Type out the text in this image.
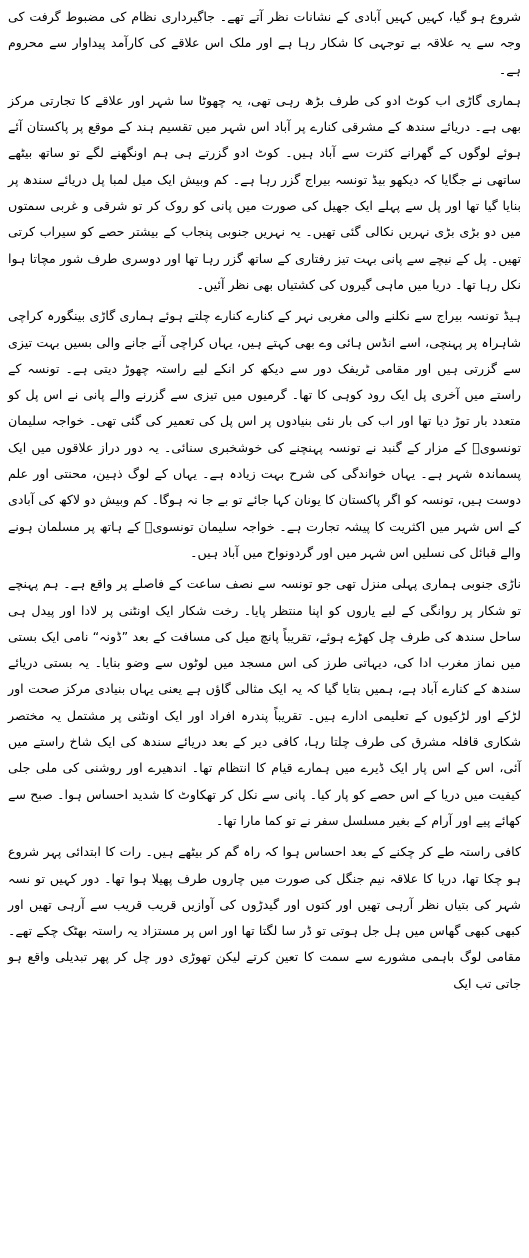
شروع ہو گیا، کہیں کہیں آبادی کے نشانات نظر آتے تھے۔ جاگیرداری نظام کی مضبوط گرفت کی وجہ سے یہ علاقہ بے توجہی کا شکار رہا ہے اور ملک اس علاقے کی کارآمد پیداوار سے محروم ہے۔

ہماری گاڑی اب کوٹ ادو کی طرف بڑھ رہی تھی، یہ چھوٹا سا شہر اور علاقے کا تجارتی مرکز بھی ہے۔ دریائے سندھ کے مشرقی کنارے پر آباد اس شہر میں تقسیم ہند کے موقع پر پاکستان آئے ہوئے لوگوں کے گھرانے کثرت سے آباد ہیں۔ کوٹ ادو گزرتے ہی ہم اونگھنے لگے تو ساتھ بیٹھے ساتھی نے جگایا کہ دیکھو بیڈ تونسہ بیراج گزر رہا ہے۔ کم وبیش ایک میل لمبا پل دریائے سندھ پر بنایا گیا تھا اور پل سے پہلے ایک جھیل کی صورت میں پانی کو روک کر تو شرقی و غربی سمتوں میں دو بڑی بڑی نہریں نکالی گئی تھیں۔ یہ نہریں جنوبی پنجاب کے بیشتر حصے کو سیراب کرتی تھیں۔ پل کے نیچے سے پانی بہت تیز رفتاری کے ساتھ گزر رہا تھا اور دوسری طرف شور مچاتا ہوا نکل رہا تھا۔ دریا میں ماہی گیروں کی کشتیاں بھی نظر آئیں۔

ہیڈ تونسہ بیراج سے نکلنے والی مغربی نہر کے کنارے کنارے چلتے ہوئے ہماری گاڑی بینگورہ کراچی شاہراہ پر پہنچی، اسے انڈس ہائی وے بھی کہتے ہیں، یہاں کراچی آنے جانے والی بسیں بہت تیزی سے گزرتی ہیں اور مقامی ٹریفک دور سے دیکھ کر انکے لیے راستہ چھوڑ دیتی ہے۔ تونسہ کے راستے میں آخری پل ایک رود کوہی کا تھا۔ گرمیوں میں تیزی سے گزرنے والے پانی نے اس پل کو متعدد بار توڑ دیا تھا اور اب کی بار نئی بنیادوں پر اس پل کی تعمیر کی گئی تھی۔ خواجہ سلیمان تونسویؒ کے مزار کے گنبد نے تونسہ پہنچنے کی خوشخبری سنائی۔ یہ دور دراز علاقوں میں ایک پسماندہ شہر ہے۔ یہاں خواندگی کی شرح بہت زیادہ ہے۔ یہاں کے لوگ ذہین، محنتی اور علم دوست ہیں، تونسہ کو اگر پاکستان کا یونان کہا جائے تو بے جا نہ ہوگا۔ کم وبیش دو لاکھ کی آبادی کے اس شہر میں اکثریت کا پیشہ تجارت ہے۔ خواجہ سلیمان تونسویؒ کے ہاتھ پر مسلمان ہونے والے قبائل کی نسلیں اس شہر میں اور گردونواح میں آباد ہیں۔

ناڑی جنوبی ہماری پہلی منزل تھی جو تونسہ سے نصف ساعت کے فاصلے پر واقع ہے۔ ہم پہنچے تو شکار پر روانگی کے لیے یاروں کو اپنا منتظر پایا۔ رخت شکار ایک اونٹنی پر لادا اور پیدل ہی ساحل سندھ کی طرف چل کھڑے ہوئے، تقریباً پانچ میل کی مسافت کے بعد ”ڈونہ“ نامی ایک بستی میں نماز مغرب ادا کی، دیہاتی طرز کی اس مسجد میں لوٹوں سے وضو بنایا۔ یہ بستی دریائے سندھ کے کنارے آباد ہے، ہمیں بتایا گیا کہ یہ ایک مثالی گاؤں ہے یعنی یہاں بنیادی مرکز صحت اور لڑکے اور لڑکیوں کے تعلیمی ادارے ہیں۔ تقریباً پندرہ افراد اور ایک اونٹنی پر مشتمل یہ مختصر شکاری قافلہ مشرق کی طرف چلتا رہا، کافی دیر کے بعد دریائے سندھ کی ایک شاخ راستے میں آئی، اس کے اس پار ایک ڈیرے میں ہمارے قیام کا انتظام تھا۔ اندھیرے اور روشنی کی ملی جلی کیفیت میں دریا کے اس حصے کو پار کیا۔ پانی سے نکل کر تھکاوٹ کا شدید احساس ہوا۔ صبح سے کھائے پیے اور آرام کے بغیر مسلسل سفر نے تو کما مارا تھا۔

کافی راستہ طے کر چکنے کے بعد احساس ہوا کہ راہ گم کر بیٹھے ہیں۔ رات کا ابتدائی پہر شروع ہو چکا تھا، دریا کا علاقہ نیم جنگل کی صورت میں چاروں طرف پھیلا ہوا تھا۔ دور کہیں تو نسہ شہر کی بتیاں نظر آرہی تھیں اور کتوں اور گیدڑوں کی آوازیں قریب قریب سے آرہی تھیں اور کبھی کبھی گھاس میں ہل جل ہوتی تو ڈر سا لگتا تھا اور اس پر مستزاد یہ راستہ بھٹک چکے تھے۔ مقامی لوگ باہمی مشورے سے سمت کا تعین کرتے لیکن تھوڑی دور چل کر پھر تبدیلی واقع ہو جاتی تب ایک
